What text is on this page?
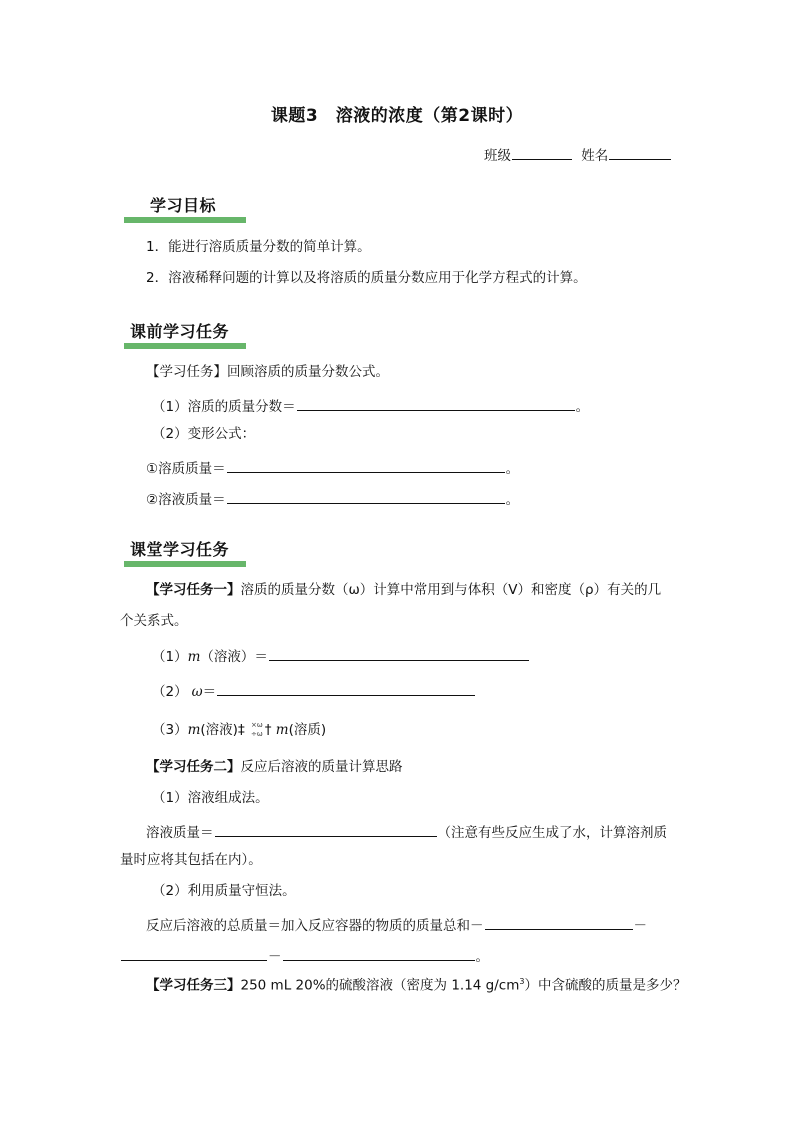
课题3　溶液的浓度（第2课时）
班级	姓名
学习目标
1．能进行溶质质量分数的简单计算。
2．溶液稀释问题的计算以及将溶质的质量分数应用于化学方程式的计算。
课前学习任务
【学习任务】回顾溶质的质量分数公式。
（1）溶质的质量分数＝	。
（2）变形公式：
①溶质质量＝	。
②溶液质量＝	。
课堂学习任务
【学习任务一】溶质的质量分数（ω）计算中常用到与体积（V）和密度（ρ）有关的几
个关系式。
（1）m（溶液）＝
（2） ω＝
（3）m(溶液)‡ ×ω
÷ω † m(溶质)
【学习任务二】反应后溶液的质量计算思路
（1）溶液组成法。
溶液质量＝	（注意有些反应生成了水，计算溶剂质
量时应将其包括在内）。
（2）利用质量守恒法。
反应后溶液的总质量＝加入反应容器的物质的质量总和－	－
－	。
【学习任务三】250 mL 20%的硫酸溶液（密度为 1.14 $g/cm^3$）中含硫酸的质量是多少？
